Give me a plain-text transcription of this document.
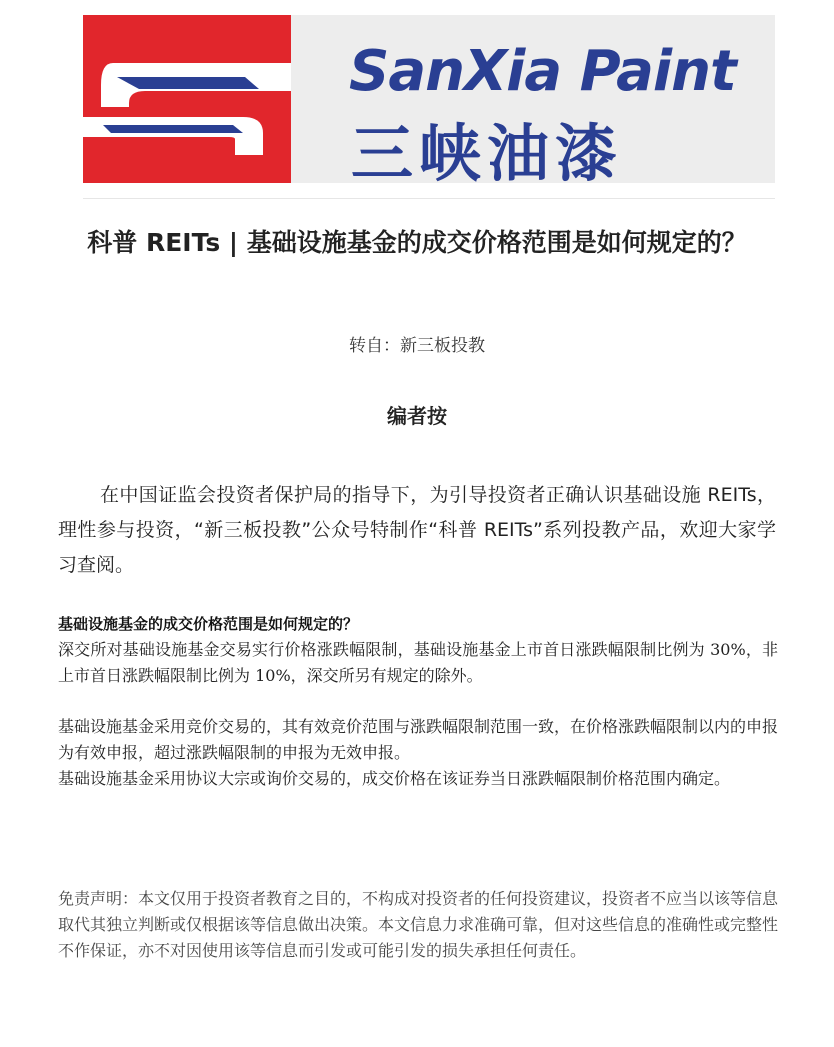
SanXia Paint
三峡油漆
科普 REITs | 基础设施基金的成交价格范围是如何规定的？
转自：新三板投教
编者按

在中国证监会投资者保护局的指导下，为引导投资者正确认识基础设施 REITs，理性参与投资，“新三板投教”公众号特制作“科普 REITs”系列投教产品，欢迎大家学习查阅。

基础设施基金的成交价格范围是如何规定的？

深交所对基础设施基金交易实行价格涨跌幅限制，基础设施基金上市首日涨跌幅限制比例为 30%，非上市首日涨跌幅限制比例为 10%，深交所另有规定的除外。

基础设施基金采用竞价交易的，其有效竞价范围与涨跌幅限制范围一致，在价格涨跌幅限制以内的申报为有效申报，超过涨跌幅限制的申报为无效申报。

基础设施基金采用协议大宗或询价交易的，成交价格在该证券当日涨跌幅限制价格范围内确定。

免责声明：本文仅用于投资者教育之目的，不构成对投资者的任何投资建议，投资者不应当以该等信息取代其独立判断或仅根据该等信息做出决策。本文信息力求准确可靠，但对这些信息的准确性或完整性不作保证，亦不对因使用该等信息而引发或可能引发的损失承担任何责任。
